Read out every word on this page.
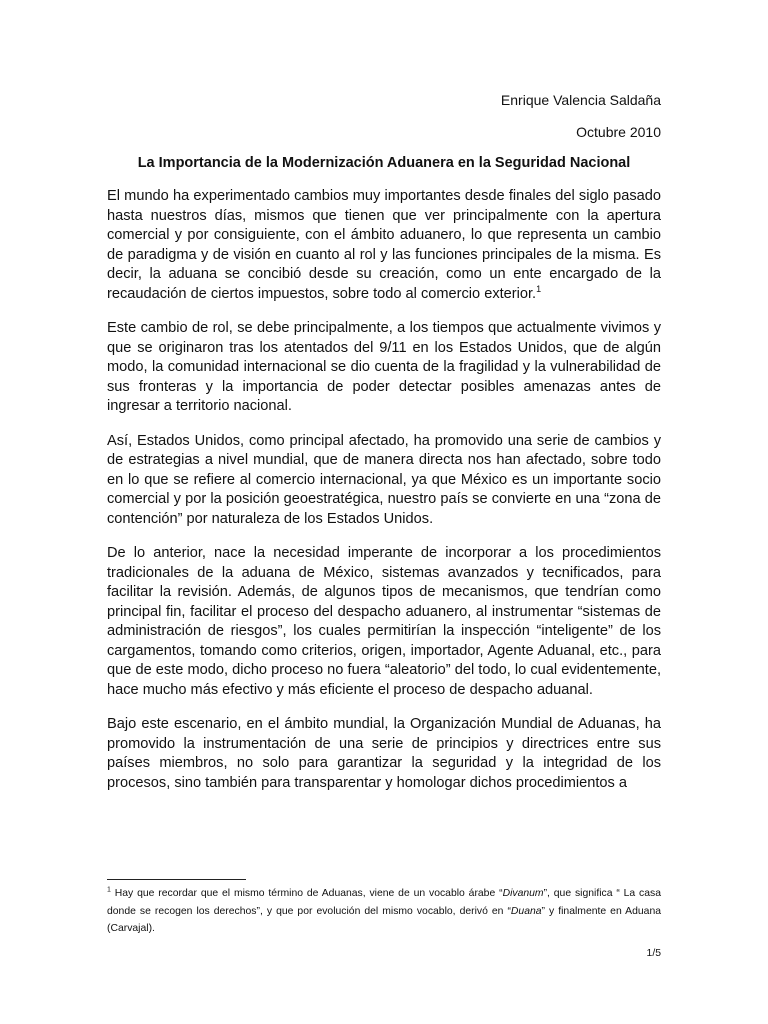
Enrique Valencia Saldaña
Octubre 2010
La Importancia de la Modernización Aduanera en la Seguridad Nacional

El mundo ha experimentado cambios muy importantes desde finales del siglo pasado hasta nuestros días, mismos que tienen que ver principalmente con la apertura comercial y por consiguiente, con el ámbito aduanero, lo que representa un cambio de paradigma y de visión en cuanto al rol y las funciones principales de la misma. Es decir, la aduana se concibió desde su creación, como un ente encargado de la recaudación de ciertos impuestos, sobre todo al comercio exterior.$^1$

Este cambio de rol, se debe principalmente, a los tiempos que actualmente vivimos y que se originaron tras los atentados del 9/11 en los Estados Unidos, que de algún modo, la comunidad internacional se dio cuenta de la fragilidad y la vulnerabilidad de sus fronteras y la importancia de poder detectar posibles amenazas antes de ingresar a territorio nacional.

Así, Estados Unidos, como principal afectado, ha promovido una serie de cambios y de estrategias a nivel mundial, que de manera directa nos han afectado, sobre todo en lo que se refiere al comercio internacional, ya que México es un importante socio comercial y por la posición geoestratégica, nuestro país se convierte en una “zona de contención” por naturaleza de los Estados Unidos.

De lo anterior, nace la necesidad imperante de incorporar a los procedimientos tradicionales de la aduana de México, sistemas avanzados y tecnificados, para facilitar la revisión. Además, de algunos tipos de mecanismos, que tendrían como principal fin, facilitar el proceso del despacho aduanero, al instrumentar “sistemas de administración de riesgos”, los cuales permitirían la inspección “inteligente” de los cargamentos, tomando como criterios, origen, importador, Agente Aduanal, etc., para que de este modo, dicho proceso no fuera “aleatorio” del todo, lo cual evidentemente, hace mucho más efectivo y más eficiente el proceso de despacho aduanal.

Bajo este escenario, en el ámbito mundial, la Organización Mundial de Aduanas, ha promovido la instrumentación de una serie de principios y directrices entre sus países miembros, no solo para garantizar la seguridad y la integridad de los procesos, sino también para transparentar y homologar dichos procedimientos a

$^1$ Hay que recordar que el mismo término de Aduanas, viene de un vocablo árabe “Divanum”, que significa “ La casa donde se recogen los derechos”, y que por evolución del mismo vocablo, derivó en “Duana” y finalmente en Aduana (Carvajal).
1/5
